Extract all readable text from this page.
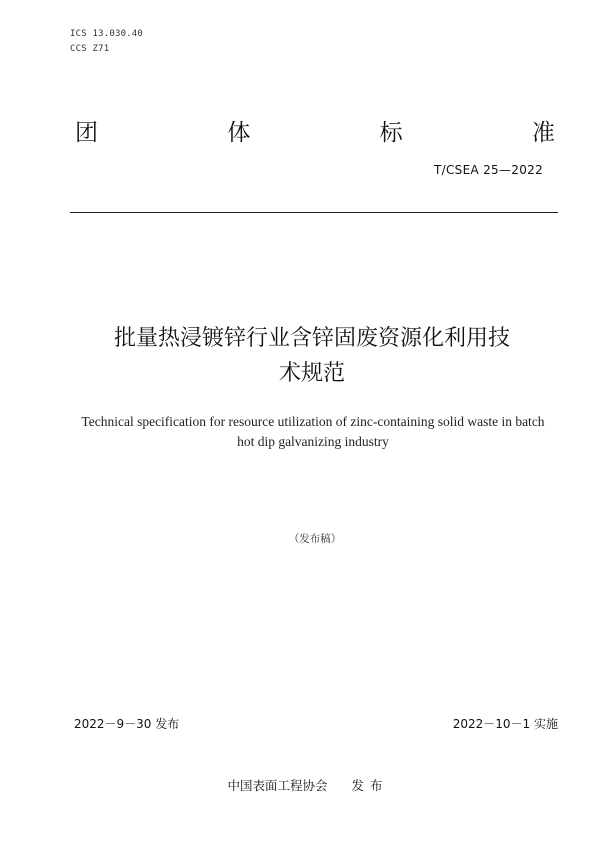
ICS 13.030.40
CCS Z71
团	体	标	准
T/CSEA 25—2022
批量热浸镀锌行业含锌固废资源化利用技
术规范
Technical specification for resource utilization of zinc-containing solid waste in batch
hot dip galvanizing industry
（发布稿）
2022－9－30 发布	2022－10－1 实施
中国表面工程协会 发布
